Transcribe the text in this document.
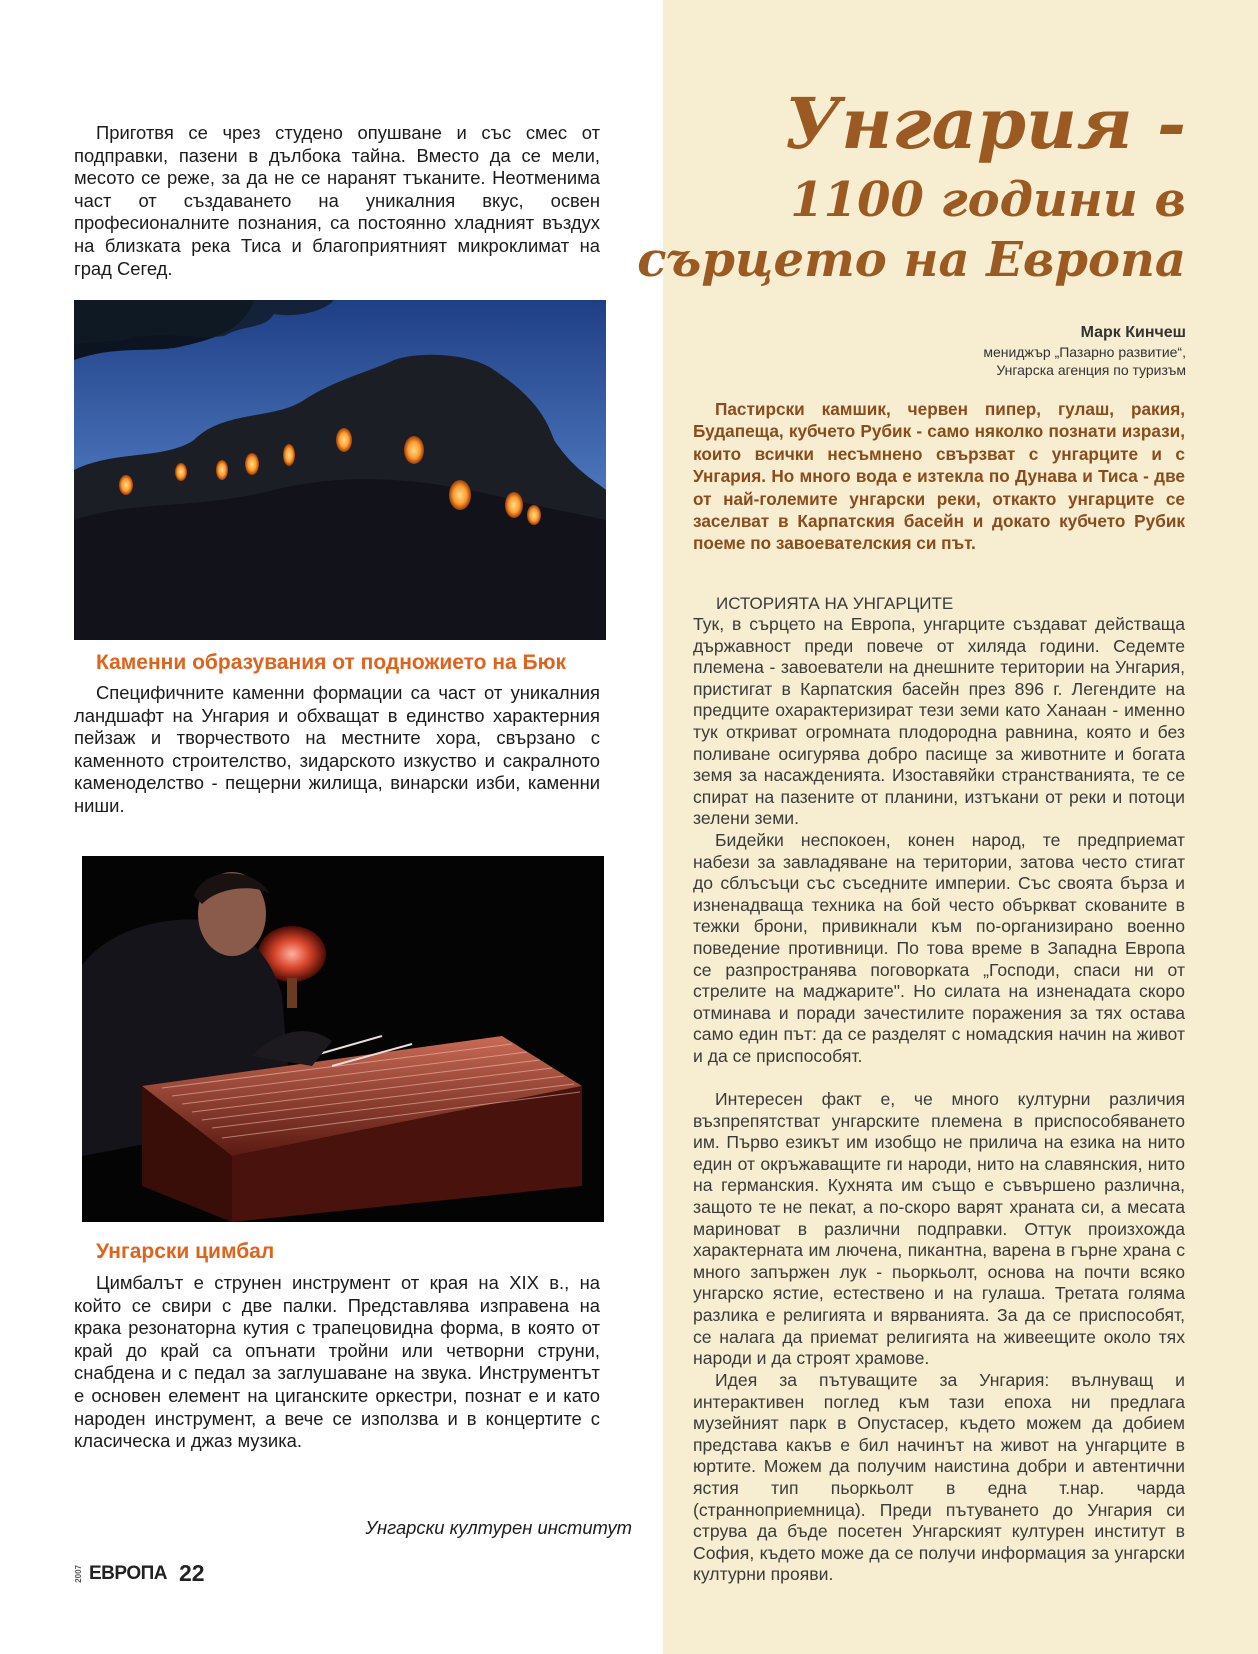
Приготвя се чрез студено опушване и със смес от подправки, пазени в дълбока тайна. Вместо да се мели, месото се реже, за да не се наранят тъканите. Неотменима част от създаването на уникалния вкус, освен професионалните познания, са постоянно хладният въздух на близката река Тиса и благоприятният микроклимат на град Сегед.

Каменни образувания от подножието на Бюк

Специфичните каменни формации са част от уникалния ландшафт на Унгария и обхващат в единство характерния пейзаж и творчеството на местните хора, свързано с каменното строителство, зидарското изкуство и сакралното каменоделство - пещерни жилища, винарски изби, каменни ниши.

Унгарски цимбал

Цимбалът е струнен инструмент от края на XIX в., на който се свири с две палки. Представлява изправена на крака резонаторна кутия с трапецовидна форма, в която от край до край са опънати тройни или четворни струни, снабдена и с педал за заглушаване на звука. Инструментът е основен елемент на циганските оркестри, познат е и като народен инструмент, а вече се използва и в концертите с класическа и джаз музика.

Унгарски културен институт

2007 ЕВРОПА 22

Унгария -

1100 години в

сърцето на Европа

Марк Кинчеш

мениджър „Пазарно развитие“,
Унгарска агенция по туризъм

Пастирски камшик, червен пипер, гулаш, ракия, Будапеща, кубчето Рубик - само няколко познати изрази, които всички несъмнено свързват с унгарците и с Унгария. Но много вода е изтекла по Дунава и Тиса - две от най-големите унгарски реки, откакто унгарците се заселват в Карпатския басейн и докато кубчето Рубик поеме по завоевателския си път.

ИСТОРИЯТА НА УНГАРЦИТЕ

Тук, в сърцето на Европа, унгарците създават действаща държавност преди повече от хиляда години. Седемте племена - завоеватели на днешните територии на Унгария, пристигат в Карпатския басейн през 896 г. Легендите на предците охарактеризират тези земи като Ханаан - именно тук откриват огромната плодородна равнина, която и без поливане осигурява добро пасище за животните и богата земя за насажденията. Изоставяйки странстванията, те се спират на пазените от планини, изтъкани от реки и потоци зелени земи.

Бидейки неспокоен, конен народ, те предприемат набези за завладяване на територии, затова често стигат до сблъсъци със съседните империи. Със своята бърза и изненадваща техника на бой често объркват скованите в тежки брони, привикнали към по-организирано военно поведение противници. По това време в Западна Европа се разпространява поговорката „Господи, спаси ни от стрелите на маджарите". Но силата на изненадата скоро отминава и поради зачестилите поражения за тях остава само един път: да се разделят с номадския начин на живот и да се приспособят.

Интересен факт е, че много културни различия възпрепятстват унгарските племена в приспособяването им. Първо езикът им изобщо не прилича на езика на нито един от окръжаващите ги народи, нито на славянския, нито на германския. Кухнята им също е съвършено различна, защото те не пекат, а по-скоро варят храната си, а месата мариноват в различни подправки. Оттук произхожда характерната им лючена, пикантна, варена в гърне храна с много запържен лук - пьоркьолт, основа на почти всяко унгарско ястие, естествено и на гулаша. Третата голяма разлика е религията и вярванията. За да се приспособят, се налага да приемат религията на живеещите около тях народи и да строят храмове.

Идея за пътуващите за Унгария: вълнуващ и интерактивен поглед към тази епоха ни предлага музейният парк в Опустасер, където можем да добием представа какъв е бил начинът на живот на унгарците в юртите. Можем да получим наистина добри и автентични ястия тип пьоркьолт в една т.нар. чарда (странноприемница). Преди пътуването до Унгария си струва да бъде посетен Унгарският културен институт в София, където може да се получи информация за унгарски културни прояви.
